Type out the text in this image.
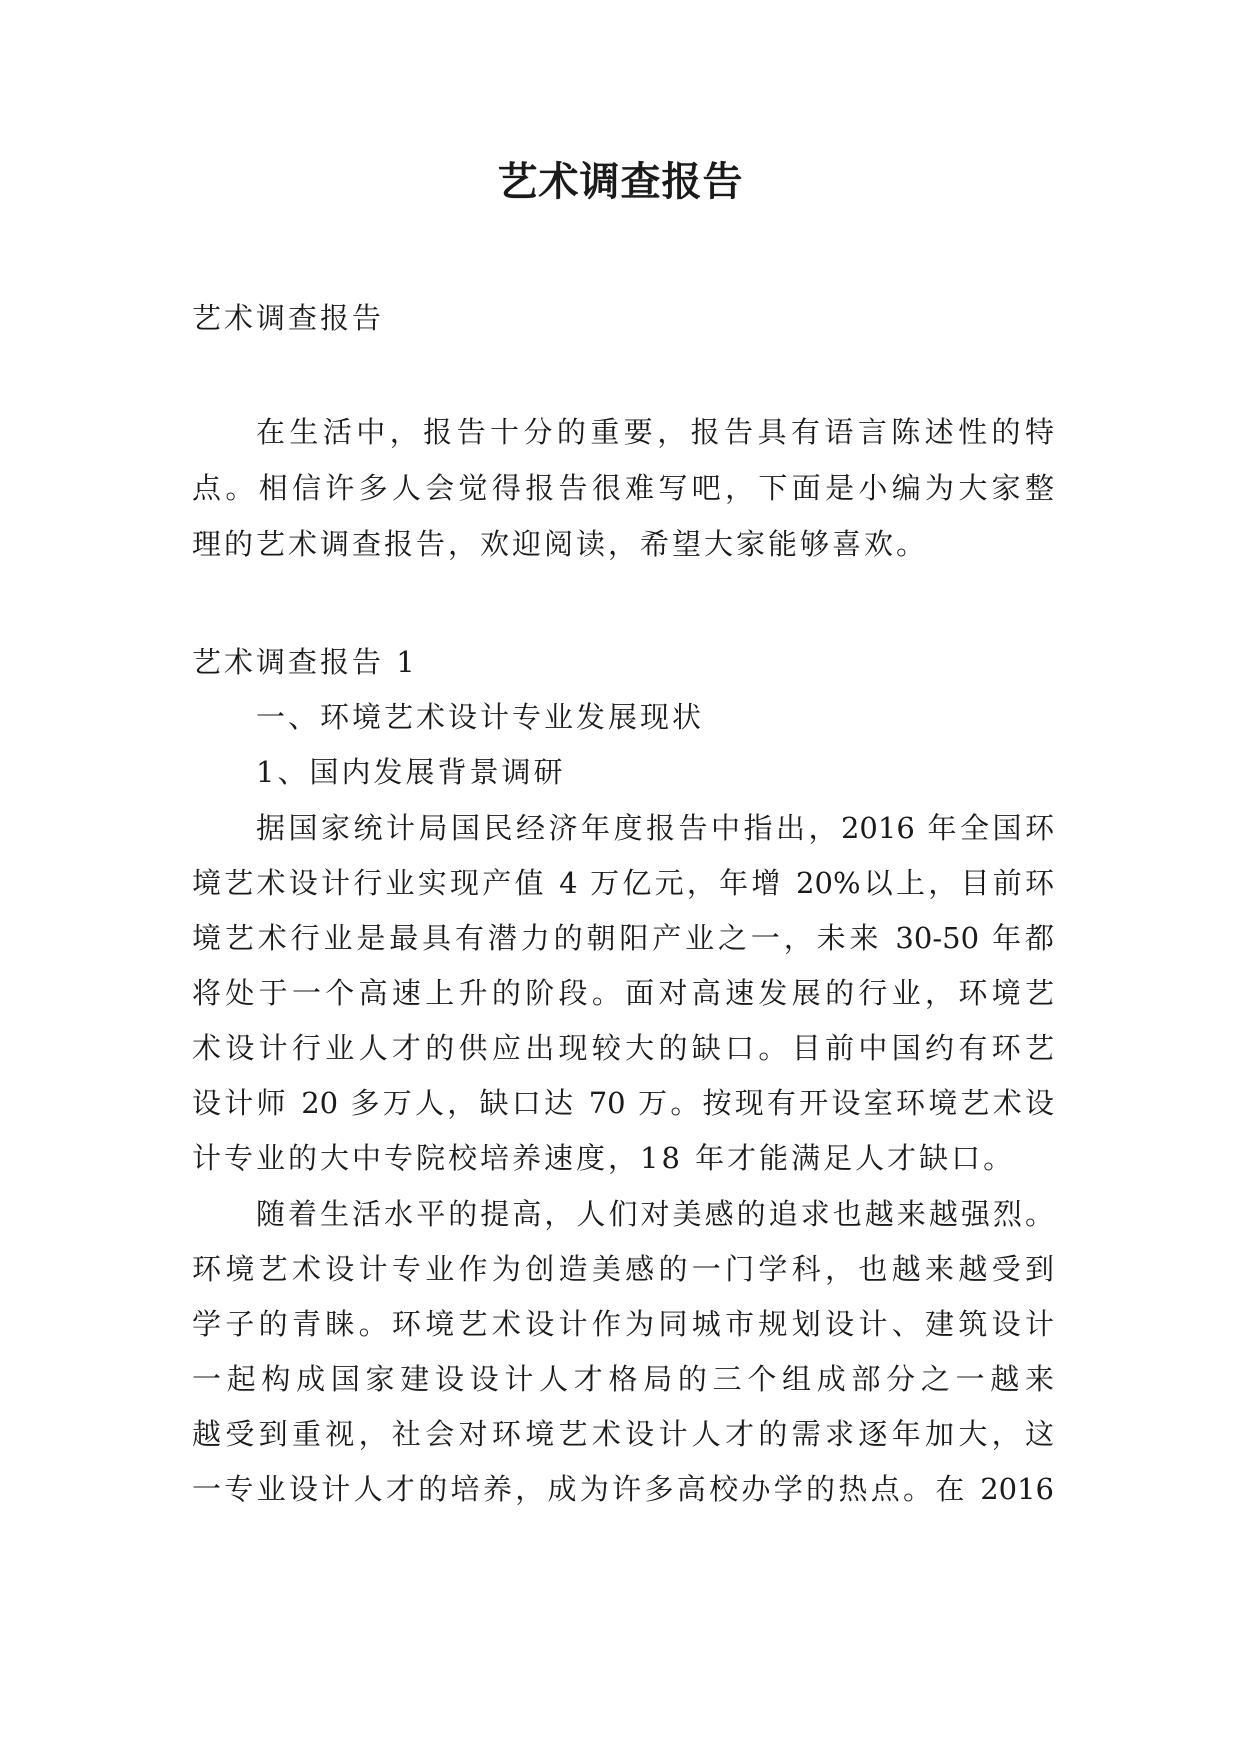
艺术调查报告
艺术调查报告
在生活中，报告十分的重要，报告具有语言陈述性的特
点。相信许多人会觉得报告很难写吧，下面是小编为大家整
理的艺术调查报告，欢迎阅读，希望大家能够喜欢。
艺术调查报告 1
一、环境艺术设计专业发展现状
1、国内发展背景调研
据国家统计局国民经济年度报告中指出，2016 年全国环
境艺术设计行业实现产值 4 万亿元，年增 20%以上，目前环
境艺术行业是最具有潜力的朝阳产业之一，未来 30-50 年都
将处于一个高速上升的阶段。面对高速发展的行业，环境艺
术设计行业人才的供应出现较大的缺口。目前中国约有环艺
设计师 20 多万人，缺口达 70 万。按现有开设室环境艺术设
计专业的大中专院校培养速度，18 年才能满足人才缺口。
随着生活水平的提高，人们对美感的追求也越来越强烈。
环境艺术设计专业作为创造美感的一门学科，也越来越受到
学子的青睐。环境艺术设计作为同城市规划设计、建筑设计
一起构成国家建设设计人才格局的三个组成部分之一越来
越受到重视，社会对环境艺术设计人才的需求逐年加大，这
一专业设计人才的培养，成为许多高校办学的热点。在 2016
